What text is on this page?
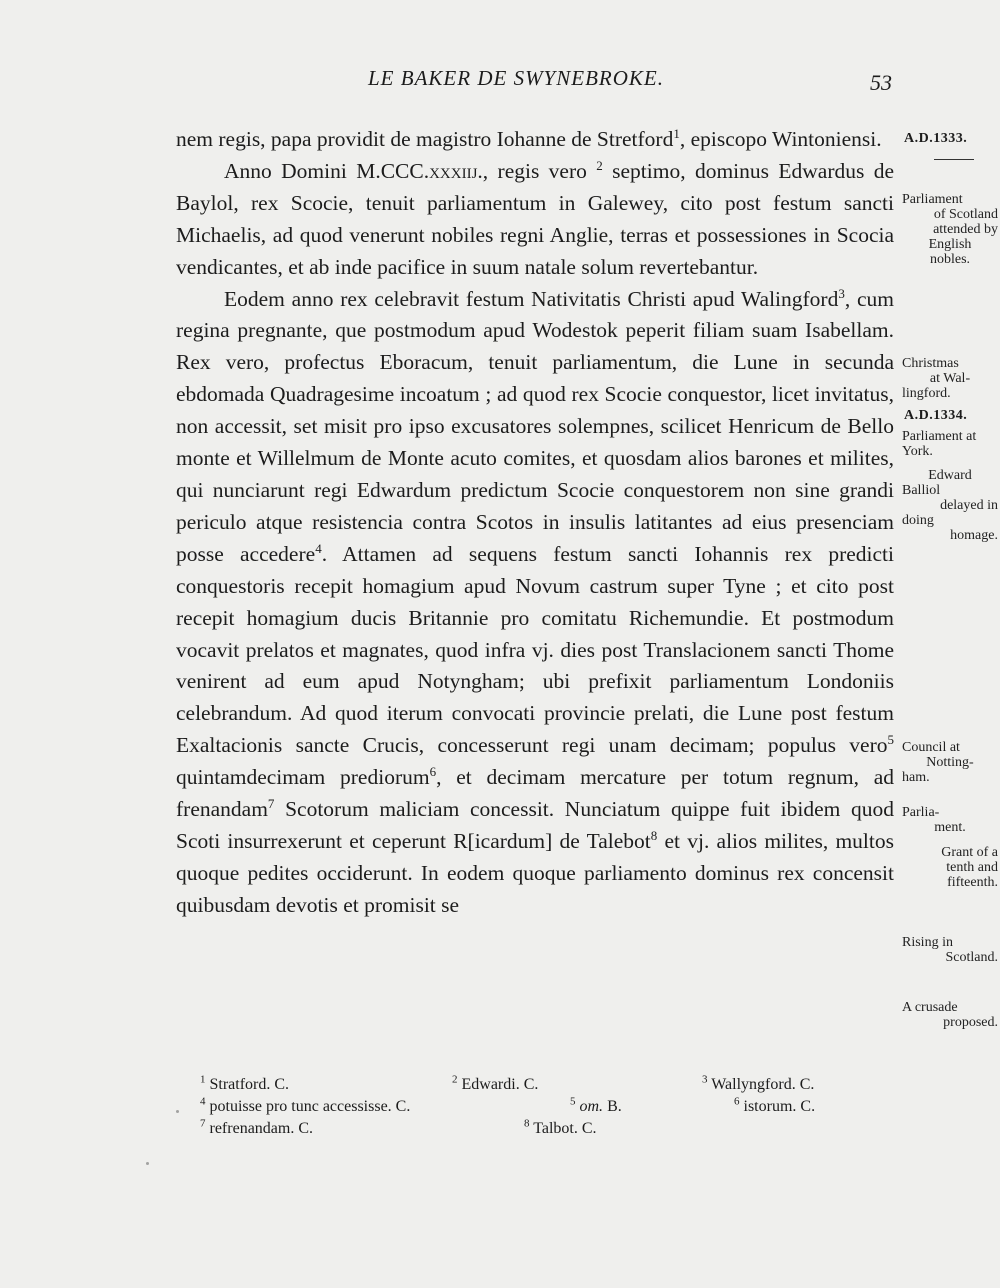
LE BAKER DE SWYNEBROKE.	53

nem regis, papa providit de magistro Iohanne de Stretford$^1$, episcopo Wintoniensi.

Anno Domini M.CCC.xxxiij., regis vero $^2$ septimo, dominus Edwardus de Baylol, rex Scocie, tenuit parliamentum in Galewey, cito post festum sancti Michaelis, ad quod venerunt nobiles regni Anglie, terras et possessiones in Scocia vendicantes, et ab inde pacifice in suum natale solum revertebantur.

Eodem anno rex celebravit festum Nativitatis Christi apud Walingford$^3$, cum regina pregnante, que postmodum apud Wodestok peperit filiam suam Isabellam. Rex vero, profectus Eboracum, tenuit parliamentum, die Lune in secunda ebdomada Quadragesime incoatum ; ad quod rex Scocie conquestor, licet invitatus, non accessit, set misit pro ipso excusatores solempnes, scilicet Henricum de Bello monte et Willelmum de Monte acuto comites, et quosdam alios barones et milites, qui nunciarunt regi Edwardum predictum Scocie conquestorem non sine grandi periculo atque resistencia contra Scotos in insulis latitantes ad eius presenciam posse accedere$^4$. Attamen ad sequens festum sancti Iohannis rex predicti conquestoris recepit homagium apud Novum castrum super Tyne ; et cito post recepit homagium ducis Britannie pro comitatu Richemundie. Et postmodum vocavit prelatos et magnates, quod infra vj. dies post Translacionem sancti Thome venirent ad eum apud Notyngham; ubi prefixit parliamentum Londoniis celebrandum. Ad quod iterum convocati provincie prelati, die Lune post festum Exaltacionis sancte Crucis, concesserunt regi unam decimam; populus vero$^5$ quintamdecimam prediorum$^6$, et decimam mercature per totum regnum, ad frenandam$^7$ Scotorum maliciam concessit. Nunciatum quippe fuit ibidem quod Scoti insurrexerunt et ceperunt R[icardum] de Talebot$^8$ et vj. alios milites, multos quoque pedites occiderunt. In eodem quoque parliamento dominus rex concensit quibusdam devotis et promisit se

A.D.1333.
Parliament
of Scotland
attended by
English
nobles.
Christmas
at Wal-
lingford.
A.D.1334.
Parliament at York.
Edward
Balliol
delayed in
doing
homage.
Council at
Notting-
ham.
Parlia-
ment.
Grant of a
tenth and
fifteenth.
Rising in
Scotland.
A crusade
proposed.
$^1$ Stratford. C.	$^2$ Edwardi. C.	$^3$ Wallyngford. C.
$^4$ potuisse pro tunc accessisse. C.	$^5$ om. B.	$^6$ istorum. C.
$^7$ refrenandam. C.	$^8$ Talbot. C.
